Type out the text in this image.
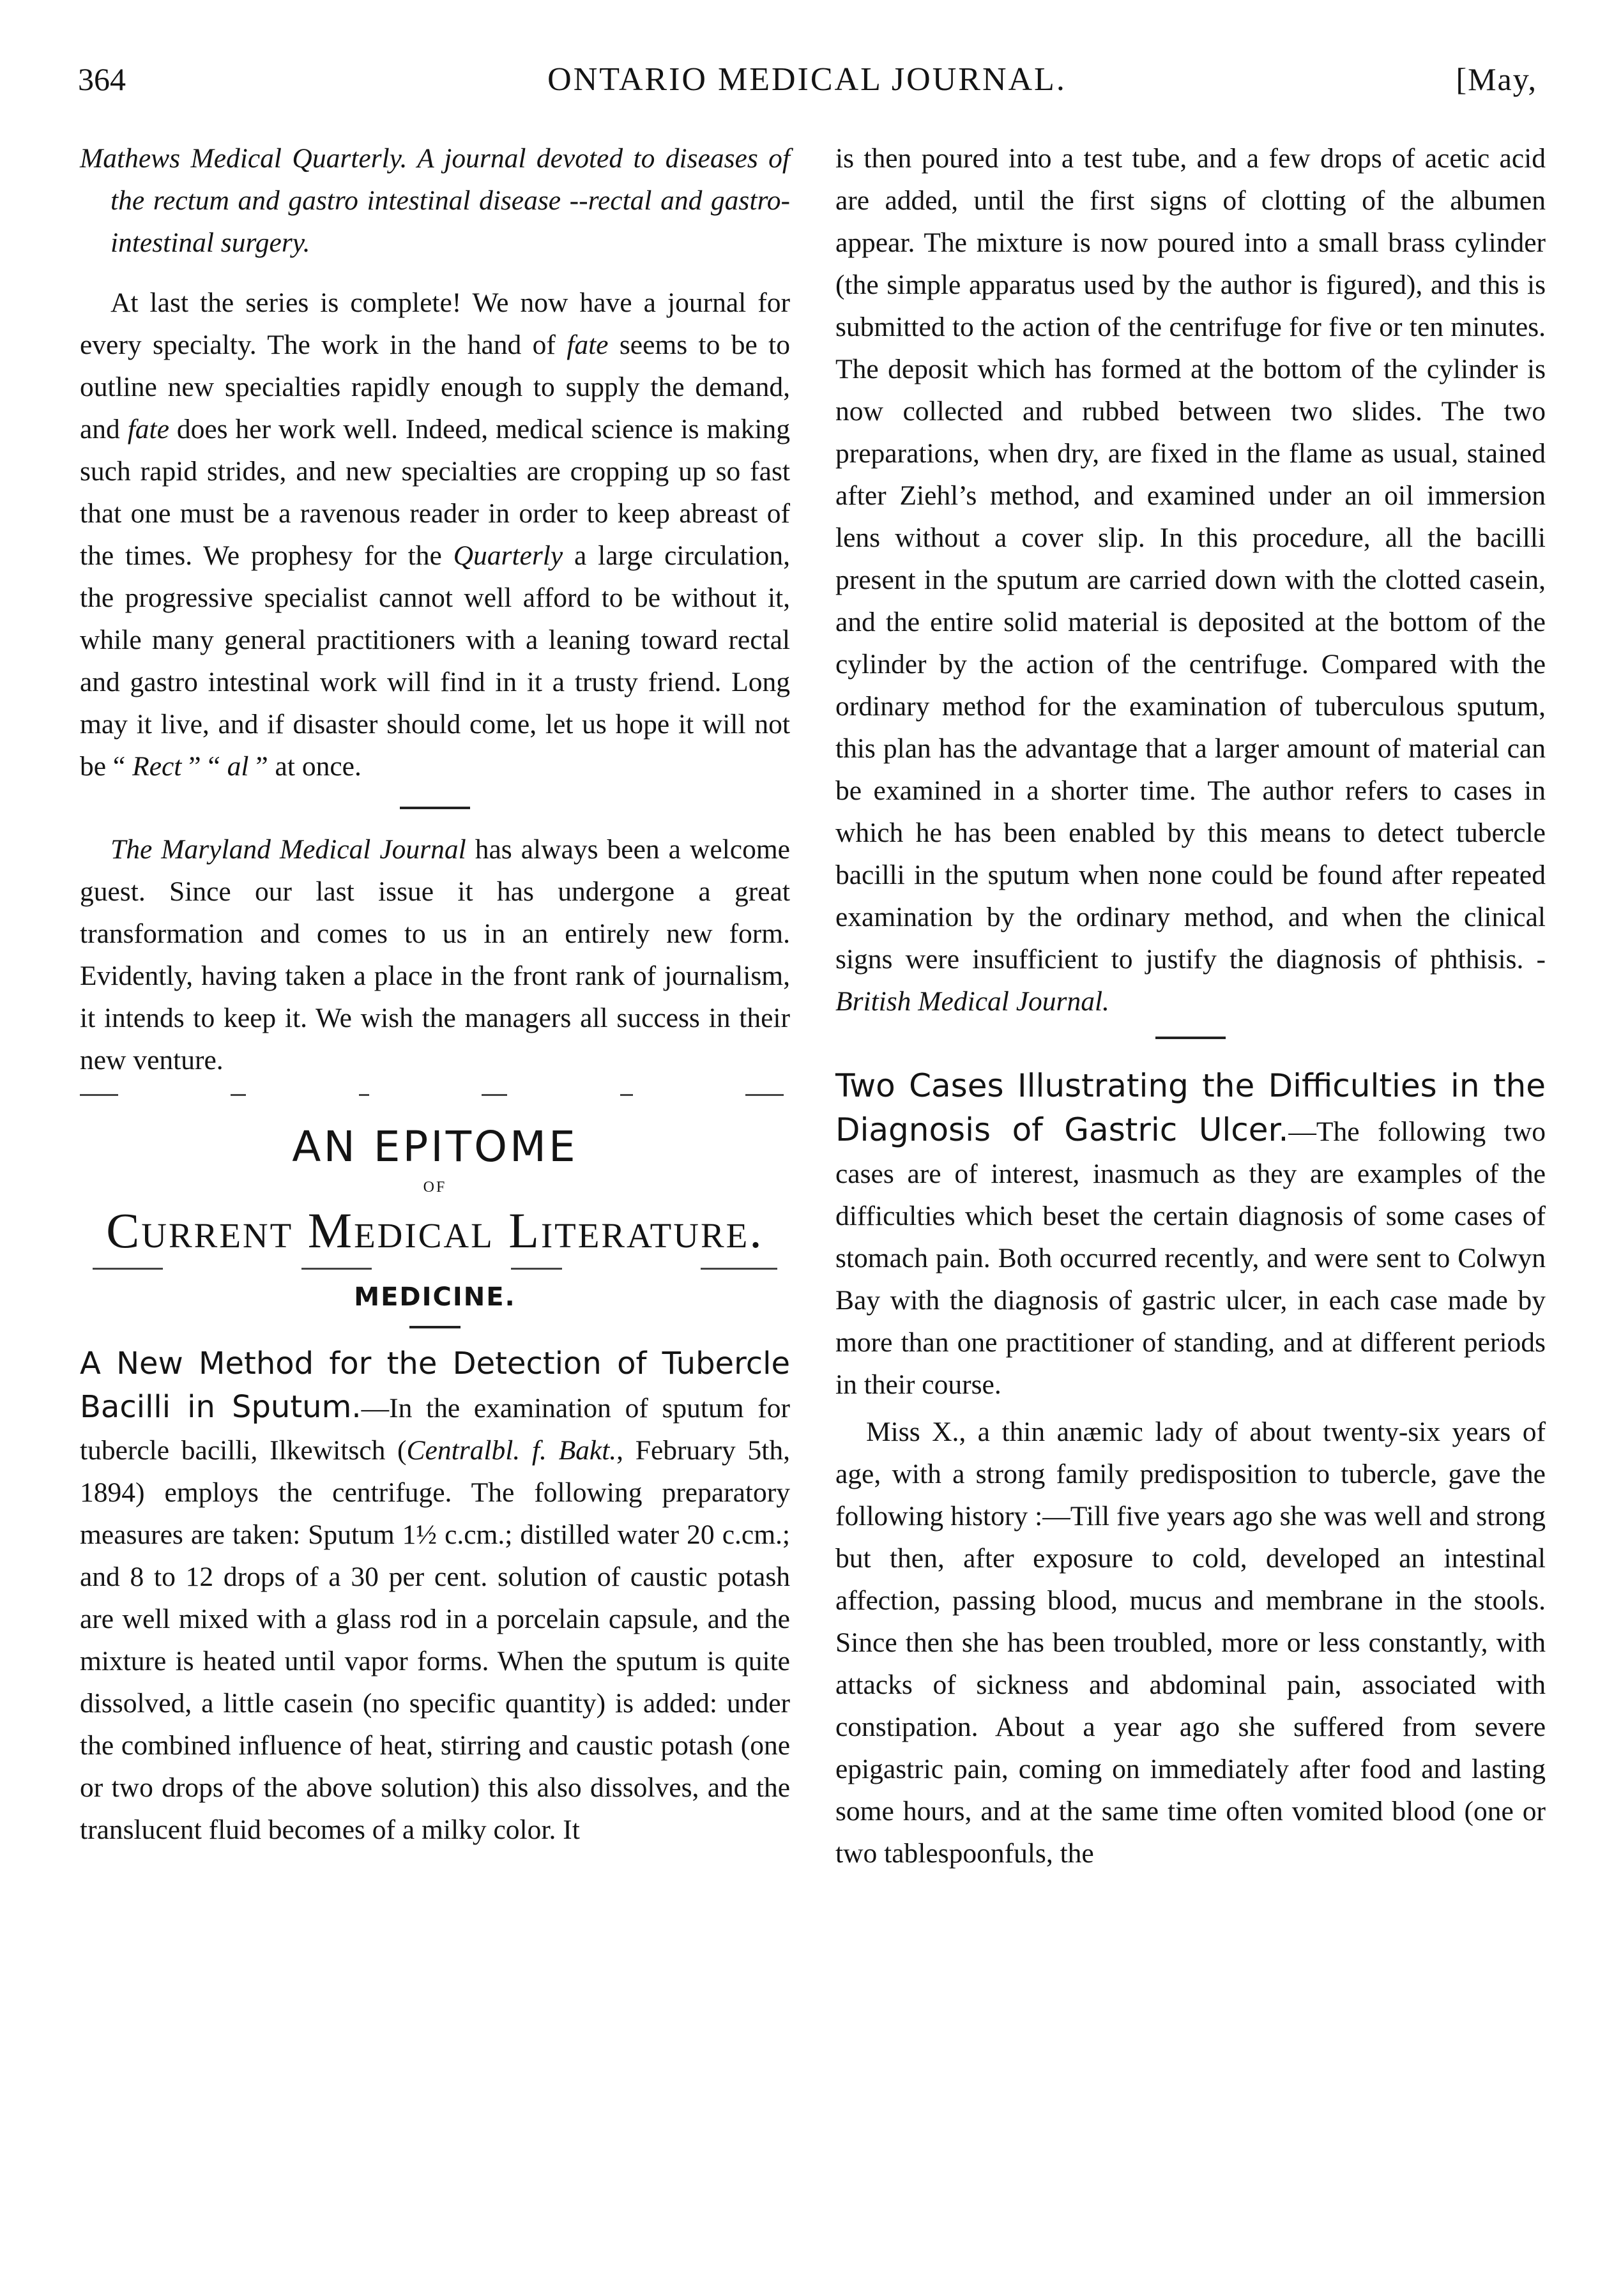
364	ONTARIO MEDICAL JOURNAL.	[May,

Mathews Medical Quarterly. A journal devoted to diseases of the rectum and gastro intestinal disease --rectal and gastro-intestinal surgery.

At last the series is complete! We now have a journal for every specialty. The work in the hand of fate seems to be to outline new specialties rapidly enough to supply the demand, and fate does her work well. Indeed, medical science is making such rapid strides, and new specialties are cropping up so fast that one must be a ravenous reader in order to keep abreast of the times. We prophesy for the Quarterly a large circulation, the progressive specialist cannot well afford to be without it, while many general practitioners with a leaning toward rectal and gastro intestinal work will find in it a trusty friend. Long may it live, and if disaster should come, let us hope it will not be “ Rect ” “ al ” at once.

The Maryland Medical Journal has always been a welcome guest. Since our last issue it has undergone a great transformation and comes to us in an entirely new form. Evidently, having taken a place in the front rank of journalism, it intends to keep it. We wish the managers all success in their new venture.

AN EPITOME
OF
Current Medical Literature.
MEDICINE.

A New Method for the Detection of Tubercle Bacilli in Sputum.—In the examination of sputum for tubercle bacilli, Ilkewitsch (Centralbl. f. Bakt., February 5th, 1894) employs the centrifuge. The following preparatory measures are taken: Sputum 1½ c.cm.; distilled water 20 c.cm.; and 8 to 12 drops of a 30 per cent. solution of caustic potash are well mixed with a glass rod in a porcelain capsule, and the mixture is heated until vapor forms. When the sputum is quite dissolved, a little casein (no specific quantity) is added: under the combined influence of heat, stirring and caustic potash (one or two drops of the above solution) this also dissolves, and the translucent fluid becomes of a milky color. It

is then poured into a test tube, and a few drops of acetic acid are added, until the first signs of clotting of the albumen appear. The mixture is now poured into a small brass cylinder (the simple apparatus used by the author is figured), and this is submitted to the action of the centrifuge for five or ten minutes. The deposit which has formed at the bottom of the cylinder is now collected and rubbed between two slides. The two preparations, when dry, are fixed in the flame as usual, stained after Ziehl’s method, and examined under an oil immersion lens without a cover slip. In this procedure, all the bacilli present in the sputum are carried down with the clotted casein, and the entire solid material is deposited at the bottom of the cylinder by the action of the centrifuge. Compared with the ordinary method for the examination of tuberculous sputum, this plan has the advantage that a larger amount of material can be examined in a shorter time. The author refers to cases in which he has been enabled by this means to detect tubercle bacilli in the sputum when none could be found after repeated examination by the ordinary method, and when the clinical signs were insufficient to justify the diagnosis of phthisis. -British Medical Journal.

Two Cases Illustrating the Difficulties in the Diagnosis of Gastric Ulcer.—The following two cases are of interest, inasmuch as they are examples of the difficulties which beset the certain diagnosis of some cases of stomach pain. Both occurred recently, and were sent to Colwyn Bay with the diagnosis of gastric ulcer, in each case made by more than one practitioner of standing, and at different periods in their course.

Miss X., a thin anæmic lady of about twenty-six years of age, with a strong family predisposition to tubercle, gave the following history :—Till five years ago she was well and strong but then, after exposure to cold, developed an intestinal affection, passing blood, mucus and membrane in the stools. Since then she has been troubled, more or less constantly, with attacks of sickness and abdominal pain, associated with constipation. About a year ago she suffered from severe epigastric pain, coming on immediately after food and lasting some hours, and at the same time often vomited blood (one or two tablespoonfuls, the
